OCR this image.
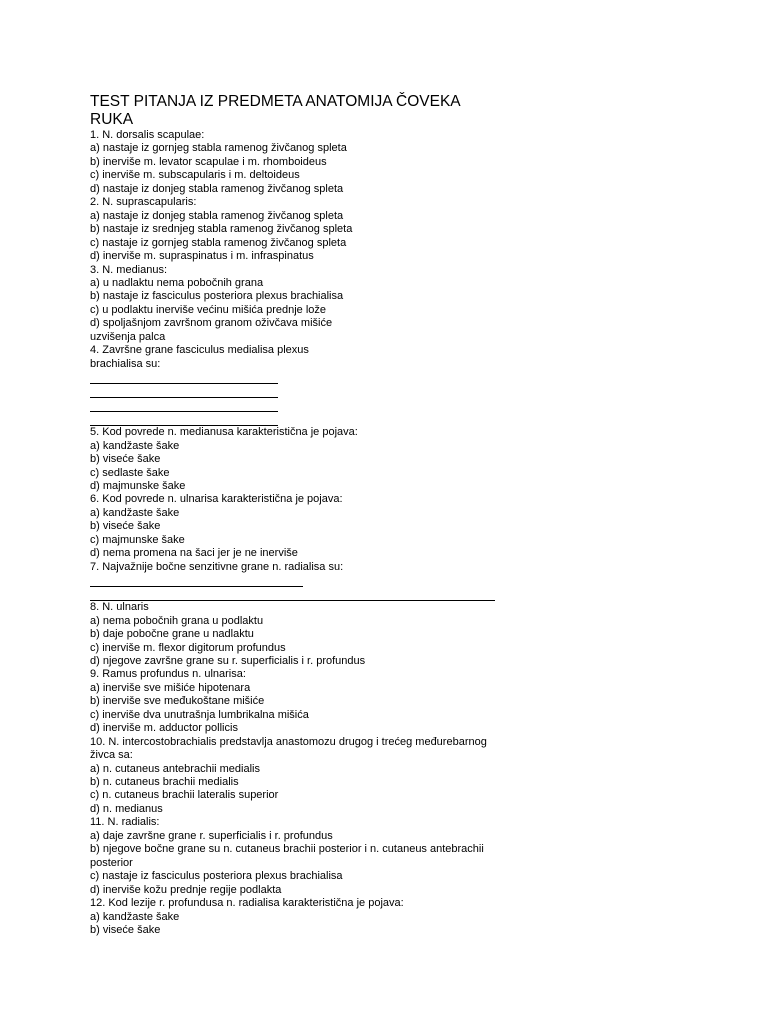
TEST PITANJA IZ PREDMETA ANATOMIJA ČOVEKA
RUKA
1. N. dorsalis scapulae:
a) nastaje iz gornjeg stabla ramenog živčanog spleta
b) inerviše m. levator scapulae i m. rhomboideus
c) inerviše m. subscapularis i m. deltoideus
d) nastaje iz donjeg stabla ramenog živčanog spleta
2. N. suprascapularis:
a) nastaje iz donjeg stabla ramenog živčanog spleta
b) nastaje iz srednjeg stabla ramenog živčanog spleta
c) nastaje iz gornjeg stabla ramenog živčanog spleta
d) inerviše m. supraspinatus i m. infraspinatus
3. N. medianus:
a) u nadlaktu nema pobočnih grana
b) nastaje iz fasciculus posteriora plexus brachialisa
c) u podlaktu inerviše većinu mišića prednje lože
d) spoljašnjom završnom granom oživčava mišiće
uzvišenja palca
4. Završne grane fasciculus medialisa plexus
brachialisa su:
5. Kod povrede n. medianusa karakteristična je pojava:
a) kandžaste šake
b) viseće šake
c) sedlaste šake
d) majmunske šake
6. Kod povrede n. ulnarisa karakteristična je pojava:
a) kandžaste šake
b) viseće šake
c) majmunske šake
d) nema promena na šaci jer je ne inerviše
7. Najvažnije bočne senzitivne grane n. radialisa su:
8. N. ulnaris
a) nema pobočnih grana u podlaktu
b) daje pobočne grane u nadlaktu
c) inerviše m. flexor digitorum profundus
d) njegove završne grane su r. superficialis i r. profundus
9. Ramus profundus n. ulnarisa:
a) inerviše sve mišiće hipotenara
b) inerviše sve međukoštane mišiće
c) inerviše dva unutrašnja lumbrikalna mišića
d) inerviše m. adductor pollicis
10. N. intercostobrachialis predstavlja anastomozu drugog i trećeg međurebarnog
živca sa:
a) n. cutaneus antebrachii medialis
b) n. cutaneus brachii medialis
c) n. cutaneus brachii lateralis superior
d) n. medianus
11. N. radialis:
a) daje završne grane r. superficialis i r. profundus
b) njegove bočne grane su n. cutaneus brachii posterior i n. cutaneus antebrachii
posterior
c) nastaje iz fasciculus posteriora plexus brachialisa
d) inerviše kožu prednje regije podlakta
12. Kod lezije r. profundusa n. radialisa karakteristična je pojava:
a) kandžaste šake
b) viseće šake
